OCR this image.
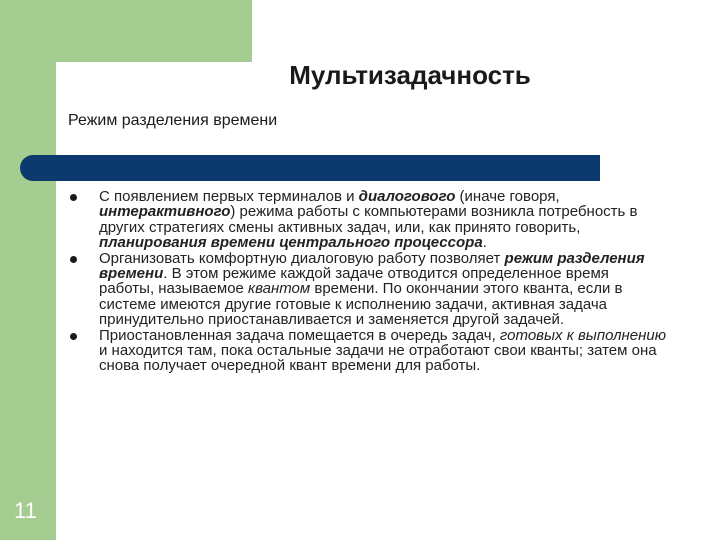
Мультизадачность

Режим разделения времени

С появлением первых терминалов и диалогового (иначе говоря, интерактивного) режима работы с компьютерами возникла потребность в других стратегиях смены активных задач, или, как принято говорить, планирования времени центрального процессора.
Организовать комфортную диалоговую работу позволяет режим разделения времени. В этом режиме каждой задаче отводится определенное время работы, называемое квантом времени. По окончании этого кванта, если в системе имеются другие готовые к исполнению задачи, активная задача принудительно приостанавливается и заменяется другой задачей.
Приостановленная задача помещается в очередь задач, готовых к выполнению и находится там, пока остальные задачи не отработают свои кванты; затем она снова получает очередной квант времени для работы.
11
